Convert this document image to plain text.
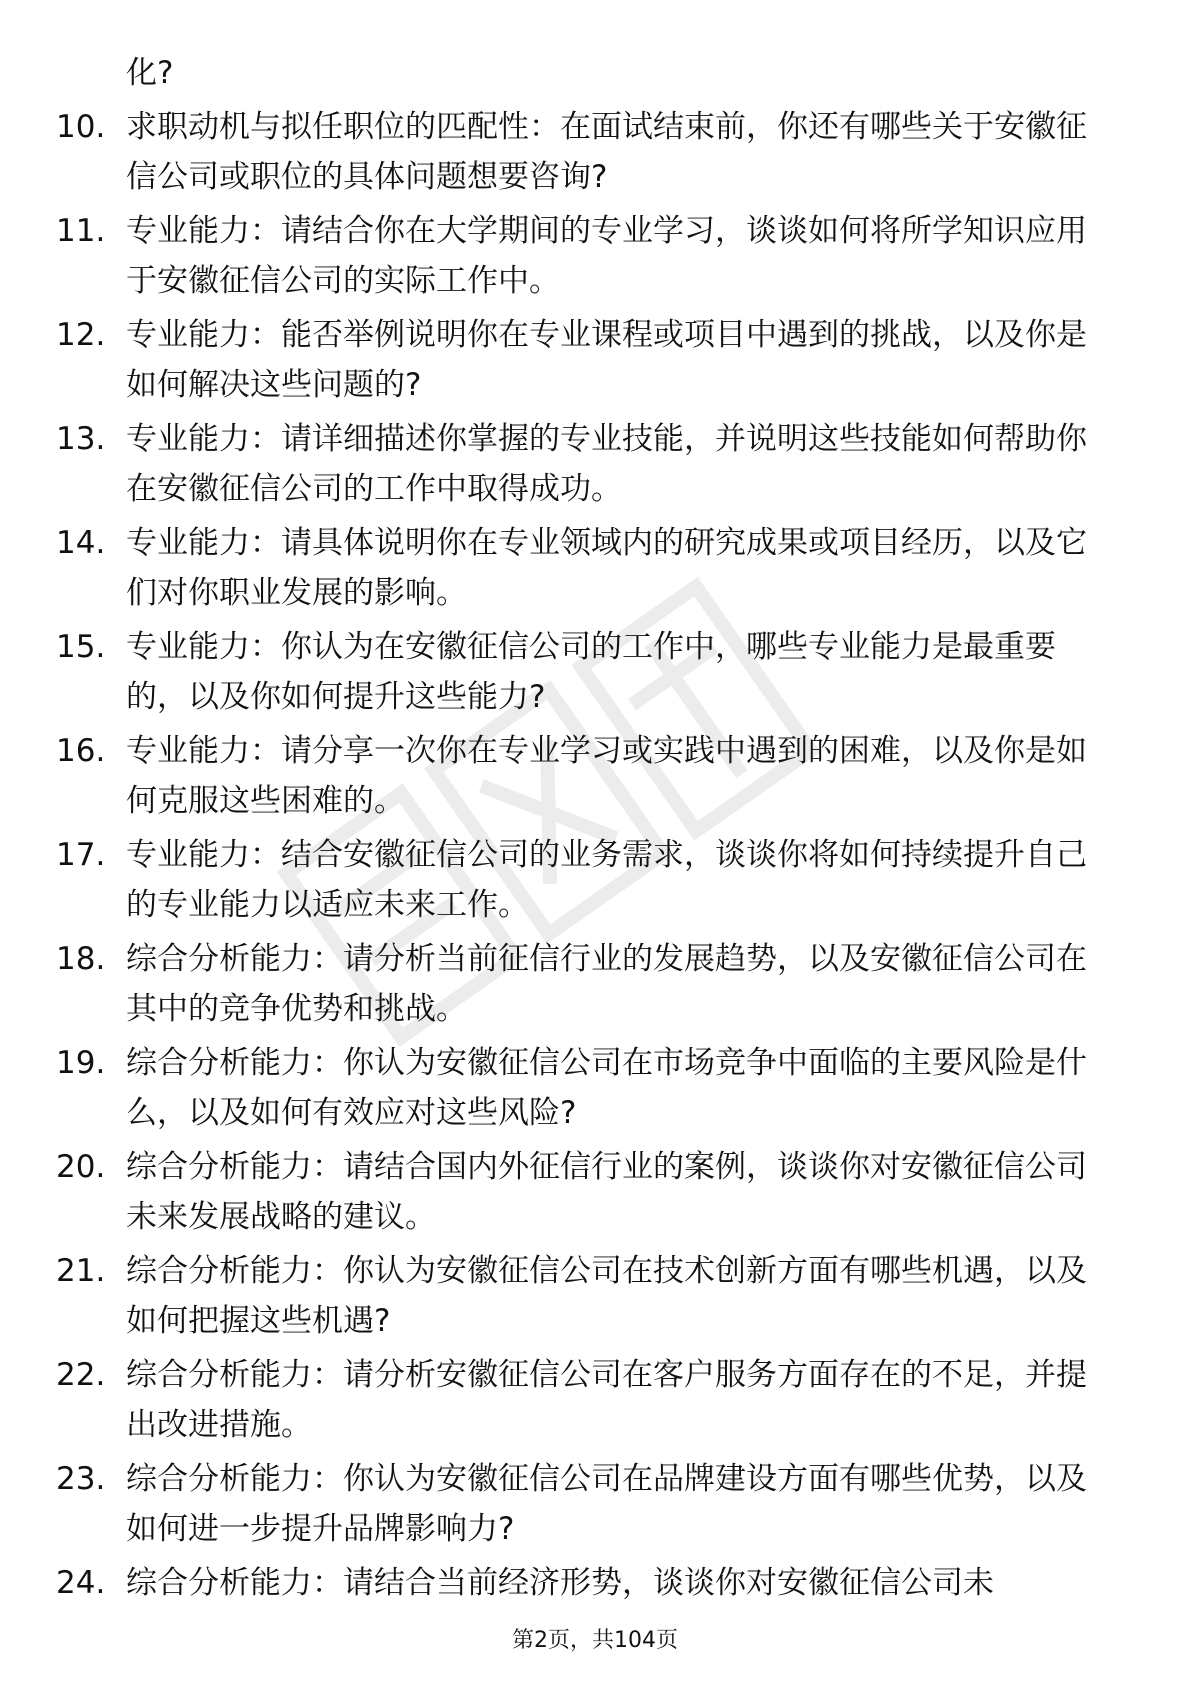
化?
10. 求职动机与拟任职位的匹配性：在面试结束前，你还有哪些关于安徽征信公司或职位的具体问题想要咨询?
11. 专业能力：请结合你在大学期间的专业学习，谈谈如何将所学知识应用于安徽征信公司的实际工作中。
12. 专业能力：能否举例说明你在专业课程或项目中遇到的挑战，以及你是如何解决这些问题的?
13. 专业能力：请详细描述你掌握的专业技能，并说明这些技能如何帮助你在安徽征信公司的工作中取得成功。
14. 专业能力：请具体说明你在专业领域内的研究成果或项目经历，以及它们对你职业发展的影响。
15. 专业能力：你认为在安徽征信公司的工作中，哪些专业能力是最重要的，以及你如何提升这些能力?
16. 专业能力：请分享一次你在专业学习或实践中遇到的困难，以及你是如何克服这些困难的。
17. 专业能力：结合安徽征信公司的业务需求，谈谈你将如何持续提升自己的专业能力以适应未来工作。
18. 综合分析能力：请分析当前征信行业的发展趋势，以及安徽征信公司在其中的竞争优势和挑战。
19. 综合分析能力：你认为安徽征信公司在市场竞争中面临的主要风险是什么，以及如何有效应对这些风险?
20. 综合分析能力：请结合国内外征信行业的案例，谈谈你对安徽征信公司未来发展战略的建议。
21. 综合分析能力：你认为安徽征信公司在技术创新方面有哪些机遇，以及如何把握这些机遇?
22. 综合分析能力：请分析安徽征信公司在客户服务方面存在的不足，并提出改进措施。
23. 综合分析能力：你认为安徽征信公司在品牌建设方面有哪些优势，以及如何进一步提升品牌影响力?
24. 综合分析能力：请结合当前经济形势，谈谈你对安徽征信公司未
第2页，共104页
